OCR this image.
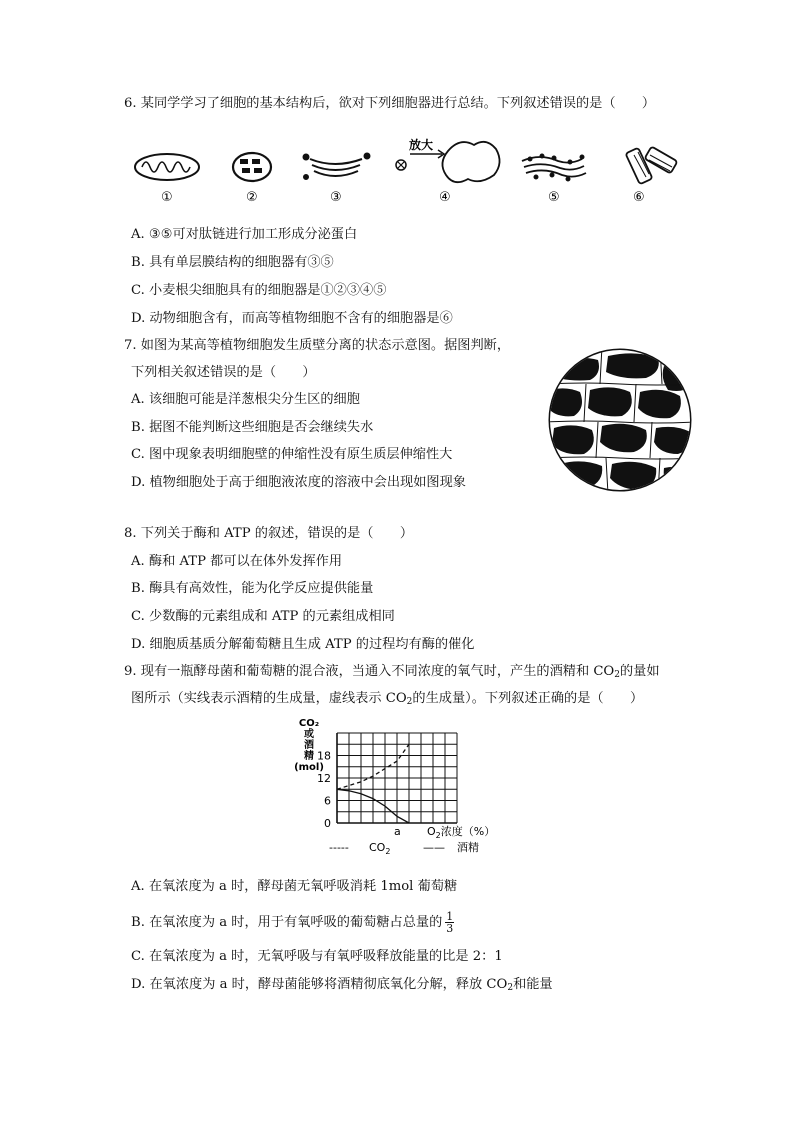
6. 某同学学习了细胞的基本结构后，欲对下列细胞器进行总结。下列叙述错误的是（　　）
①	②	③
放大
④	⑤	⑥
A. ③⑤可对肽链进行加工形成分泌蛋白
B. 具有单层膜结构的细胞器有③⑤
C. 小麦根尖细胞具有的细胞器是①②③④⑤
D. 动物细胞含有，而高等植物细胞不含有的细胞器是⑥
7. 如图为某高等植物细胞发生质壁分离的状态示意图。据图判断，
下列相关叙述错误的是（　　）
A. 该细胞可能是洋葱根尖分生区的细胞
B. 据图不能判断这些细胞是否会继续失水
C. 图中现象表明细胞壁的伸缩性没有原生质层伸缩性大
D. 植物细胞处于高于细胞液浓度的溶液中会出现如图现象
8. 下列关于酶和 ATP 的叙述，错误的是（　　）
A. 酶和 ATP 都可以在体外发挥作用
B. 酶具有高效性，能为化学反应提供能量
C. 少数酶的元素组成和 ATP 的元素组成相同
D. 细胞质基质分解葡萄糖且生成 ATP 的过程均有酶的催化
9. 现有一瓶酵母菌和葡萄糖的混合液，当通入不同浓度的氧气时，产生的酒精和 $CO_2$的量如
图所示（实线表示酒精的生成量，虚线表示 $CO_2$的生成量）。下列叙述正确的是（　　）
CO₂
或
酒
精
(mol)
0
6
12
18
a $O_2$浓度（%）
----- $CO_2$	—— 酒精
A. 在氧浓度为 a 时，酵母菌无氧呼吸消耗 1mol 葡萄糖
B. 在氧浓度为 a 时，用于有氧呼吸的葡萄糖占总量的 $\frac{1}{3}$
C. 在氧浓度为 a 时，无氧呼吸与有氧呼吸释放能量的比是 2：1
D. 在氧浓度为 a 时，酵母菌能够将酒精彻底氧化分解，释放 $CO_2$和能量
